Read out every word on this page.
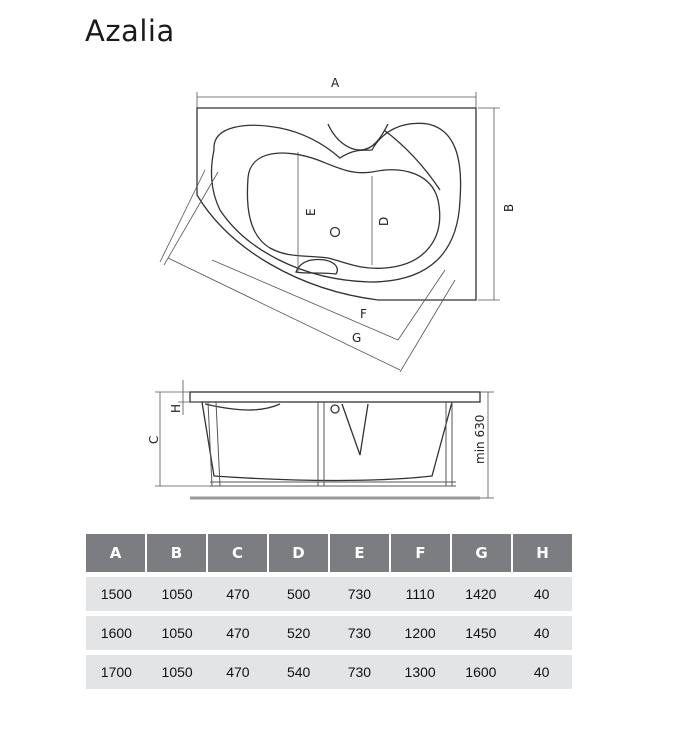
Azalia
A
B
E
D
F
G
C
H
min 630
A	B	C	D	E	F	G	H
1500	1050	470	500	730	1110	1420	40
1600	1050	470	520	730	1200	1450	40
1700	1050	470	540	730	1300	1600	40
